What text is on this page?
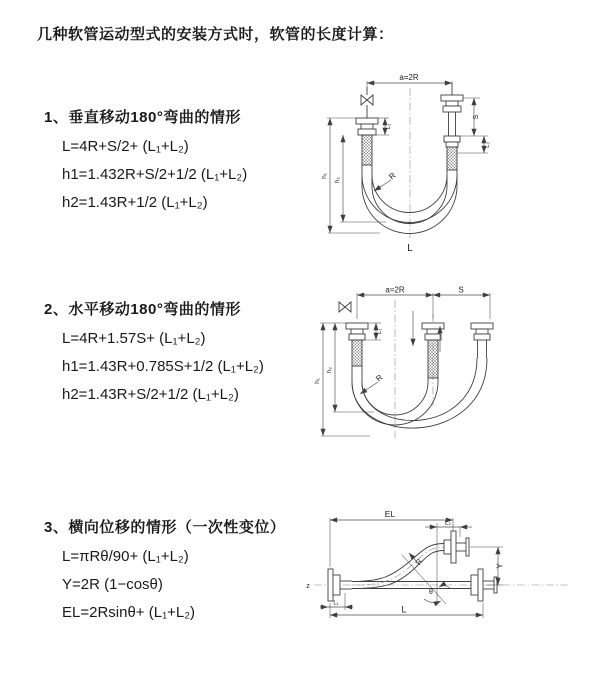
几种软管运动型式的安装方式时，软管的长度计算：
1、垂直移动180°弯曲的情形
L=4R+S/2+ (L₁+L₂)
h1=1.432R+S/2+1/2 (L₁+L₂)
h2=1.43R+1/2 (L₁+L₂)
2、水平移动180°弯曲的情形
L=4R+1.57S+ (L₁+L₂)
h1=1.43R+0.785S+1/2 (L₁+L₂)
h2=1.43R+S/2+1/2 (L₁+L₂)
3、横向位移的情形（一次性变位）
L=πRθ/90+ (L₁+L₂)
Y=2R (1−cosθ)
EL=2Rsinθ+ (L₁+L₂)
a=2R
S
L₂
L₁
h₁
h₂	R
L
a=2R	S
L₁
h₁
h₂
R
z
EL
L₂
Y
R
θ
L
L₁
